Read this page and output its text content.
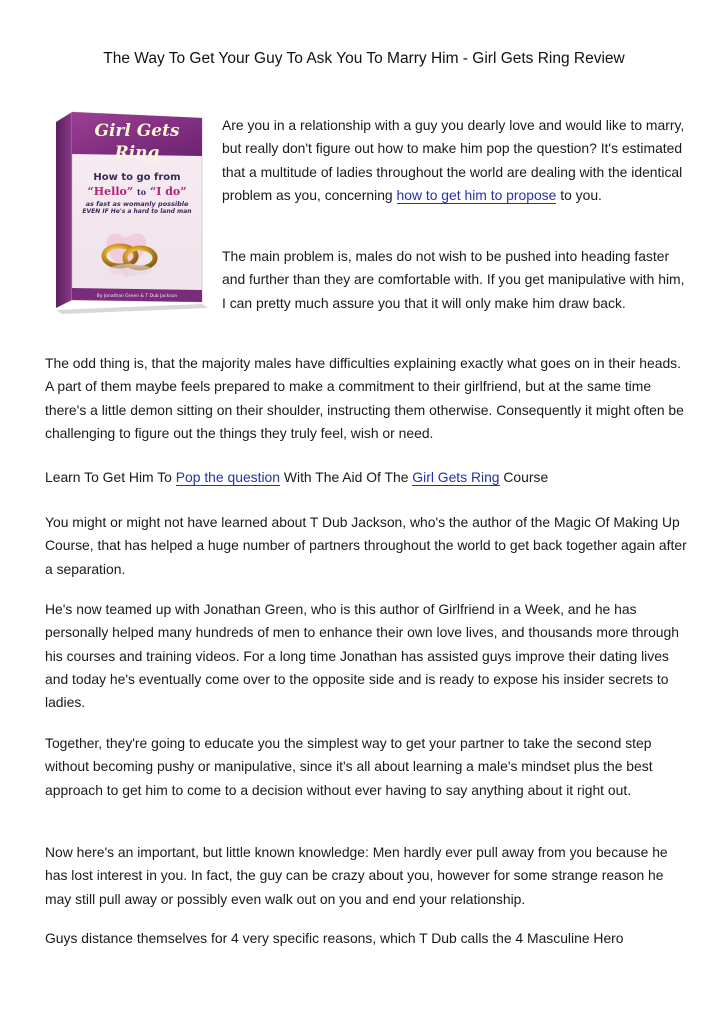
The Way To Get Your Guy To Ask You To Marry Him - Girl Gets Ring Review
Girl Gets Ring
How to go from
“Hello” to “I do”
as fast as womanly possible
EVEN IF He's a hard to land man
By Jonathan Green & T Dub Jackson

Are you in a relationship with a guy you dearly love and would like to marry, but really don't figure out how to make him pop the question? It's estimated that a multitude of ladies throughout the world are dealing with the identical problem as you, concerning how to get him to propose to you.

The main problem is, males do not wish to be pushed into heading faster and further than they are comfortable with. If you get manipulative with him, I can pretty much assure you that it will only make him draw back.

The odd thing is, that the majority males have difficulties explaining exactly what goes on in their heads. A part of them maybe feels prepared to make a commitment to their girlfriend, but at the same time there's a little demon sitting on their shoulder, instructing them otherwise. Consequently it might often be challenging to figure out the things they truly feel, wish or need.

Learn To Get Him To Pop the question With The Aid Of The Girl Gets Ring Course

You might or might not have learned about T Dub Jackson, who's the author of the Magic Of Making Up Course, that has helped a huge number of partners throughout the world to get back together again after a separation.

He's now teamed up with Jonathan Green, who is this author of Girlfriend in a Week, and he has personally helped many hundreds of men to enhance their own love lives, and thousands more through his courses and training videos. For a long time Jonathan has assisted guys improve their dating lives and today he's eventually come over to the opposite side and is ready to expose his insider secrets to ladies.

Together, they're going to educate you the simplest way to get your partner to take the second step without becoming pushy or manipulative, since it's all about learning a male's mindset plus the best approach to get him to come to a decision without ever having to say anything about it right out.

Now here's an important, but little known knowledge: Men hardly ever pull away from you because he has lost interest in you. In fact, the guy can be crazy about you, however for some strange reason he may still pull away or possibly even walk out on you and end your relationship.

Guys distance themselves for 4 very specific reasons, which T Dub calls the 4 Masculine Hero
